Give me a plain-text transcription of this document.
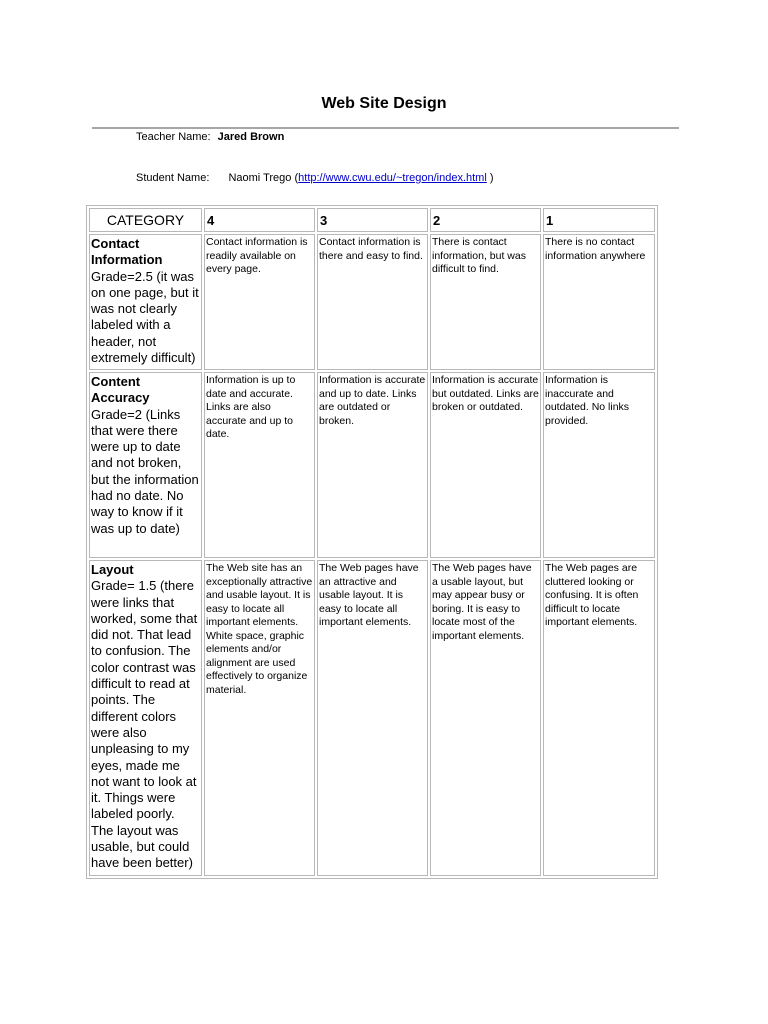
Web Site Design
Teacher Name: Jared Brown
Student Name: Naomi Trego (http://www.cwu.edu/~tregon/index.html )
CATEGORY	4	3	2	1

Contact Information
Grade=2.5 (it was on one page, but it was not clearly labeled with a header, not extremely difficult)	Contact information is readily available on every page.	Contact information is there and easy to find.	There is contact information, but was difficult to find.	There is no contact information anywhere

Content Accuracy
Grade=2 (Links that were there were up to date and not broken, but the information had no date. No way to know if it was up to date)	Information is up to date and accurate. Links are also accurate and up to date.	Information is accurate and up to date. Links are outdated or broken.	Information is accurate but outdated. Links are broken or outdated.	Information is inaccurate and outdated. No links provided.

Layout
Grade= 1.5 (there were links that worked, some that did not. That lead to confusion. The color contrast was difficult to read at points. The different colors were also unpleasing to my eyes, made me not want to look at it. Things were labeled poorly. The layout was usable, but could have been better)	The Web site has an exceptionally attractive and usable layout. It is easy to locate all important elements. White space, graphic elements and/or alignment are used effectively to organize material.	The Web pages have an attractive and usable layout. It is easy to locate all important elements.	The Web pages have a usable layout, but may appear busy or boring. It is easy to locate most of the important elements.	The Web pages are cluttered looking or confusing. It is often difficult to locate important elements.
